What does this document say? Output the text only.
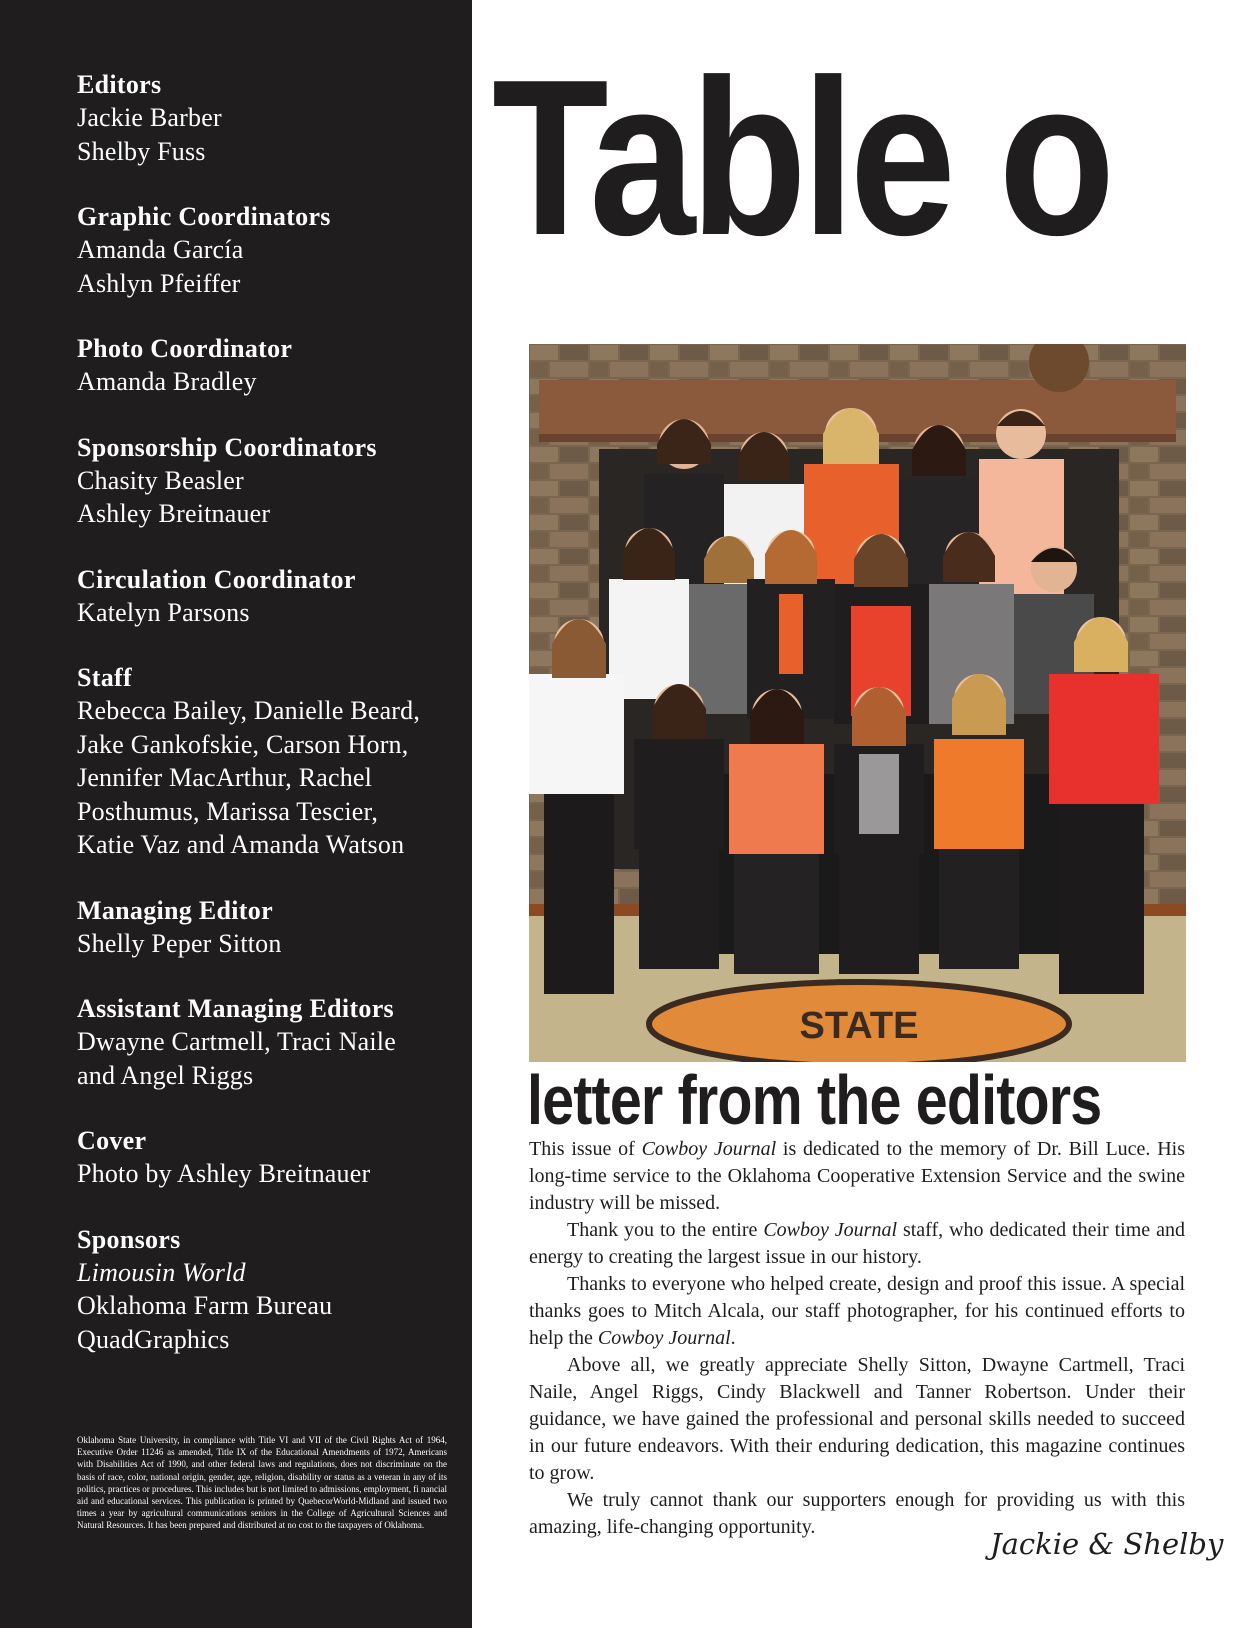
Editors
Jackie Barber
Shelby Fuss
Graphic Coordinators
Amanda García
Ashlyn Pfeiffer
Photo Coordinator
Amanda Bradley
Sponsorship Coordinators
Chasity Beasler
Ashley Breitnauer
Circulation Coordinator
Katelyn Parsons
Staff
Rebecca Bailey, Danielle Beard,
Jake Gankofskie, Carson Horn,
Jennifer MacArthur, Rachel
Posthumus, Marissa Tescier,
Katie Vaz and Amanda Watson
Managing Editor
Shelly Peper Sitton
Assistant Managing Editors
Dwayne Cartmell, Traci Naile
and Angel Riggs
Cover
Photo by Ashley Breitnauer
Sponsors
Limousin World
Oklahoma Farm Bureau
QuadGraphics
Oklahoma State University, in compliance with Title VI and VII of the Civil Rights Act of 1964, Executive Order 11246 as amended, Title IX of the Educational Amendments of 1972, Americans with Disabilities Act of 1990, and other federal laws and regulations, does not discriminate on the basis of race, color, national origin, gender, age, religion, disability or status as a veteran in any of its politics, practices or procedures. This includes but is not limited to admissions, employment, fi nancial aid and educational services. This publication is printed by QuebecorWorld-Midland and issued two times a year by agricultural communications seniors in the College of Agricultural Sciences and Natural Resources. It has been prepared and distributed at no cost to the taxpayers of Oklahoma.
Table o
STATE
letter from the editors

This issue of Cowboy Journal is dedicated to the memory of Dr. Bill Luce. His long-time service to the Oklahoma Cooperative Extension Service and the swine industry will be missed.

Thank you to the entire Cowboy Journal staff, who dedicated their time and energy to creating the largest issue in our history.

Thanks to everyone who helped create, design and proof this issue. A special thanks goes to Mitch Alcala, our staff photographer, for his continued efforts to help the Cowboy Journal.

Above all, we greatly appreciate Shelly Sitton, Dwayne Cartmell, Traci Naile, Angel Riggs, Cindy Blackwell and Tanner Robertson. Under their guidance, we have gained the professional and personal skills needed to succeed in our future endeavors. With their enduring dedication, this magazine continues to grow.

We truly cannot thank our supporters enough for providing us with this amazing, life-changing opportunity.	Jackie & Shelby
